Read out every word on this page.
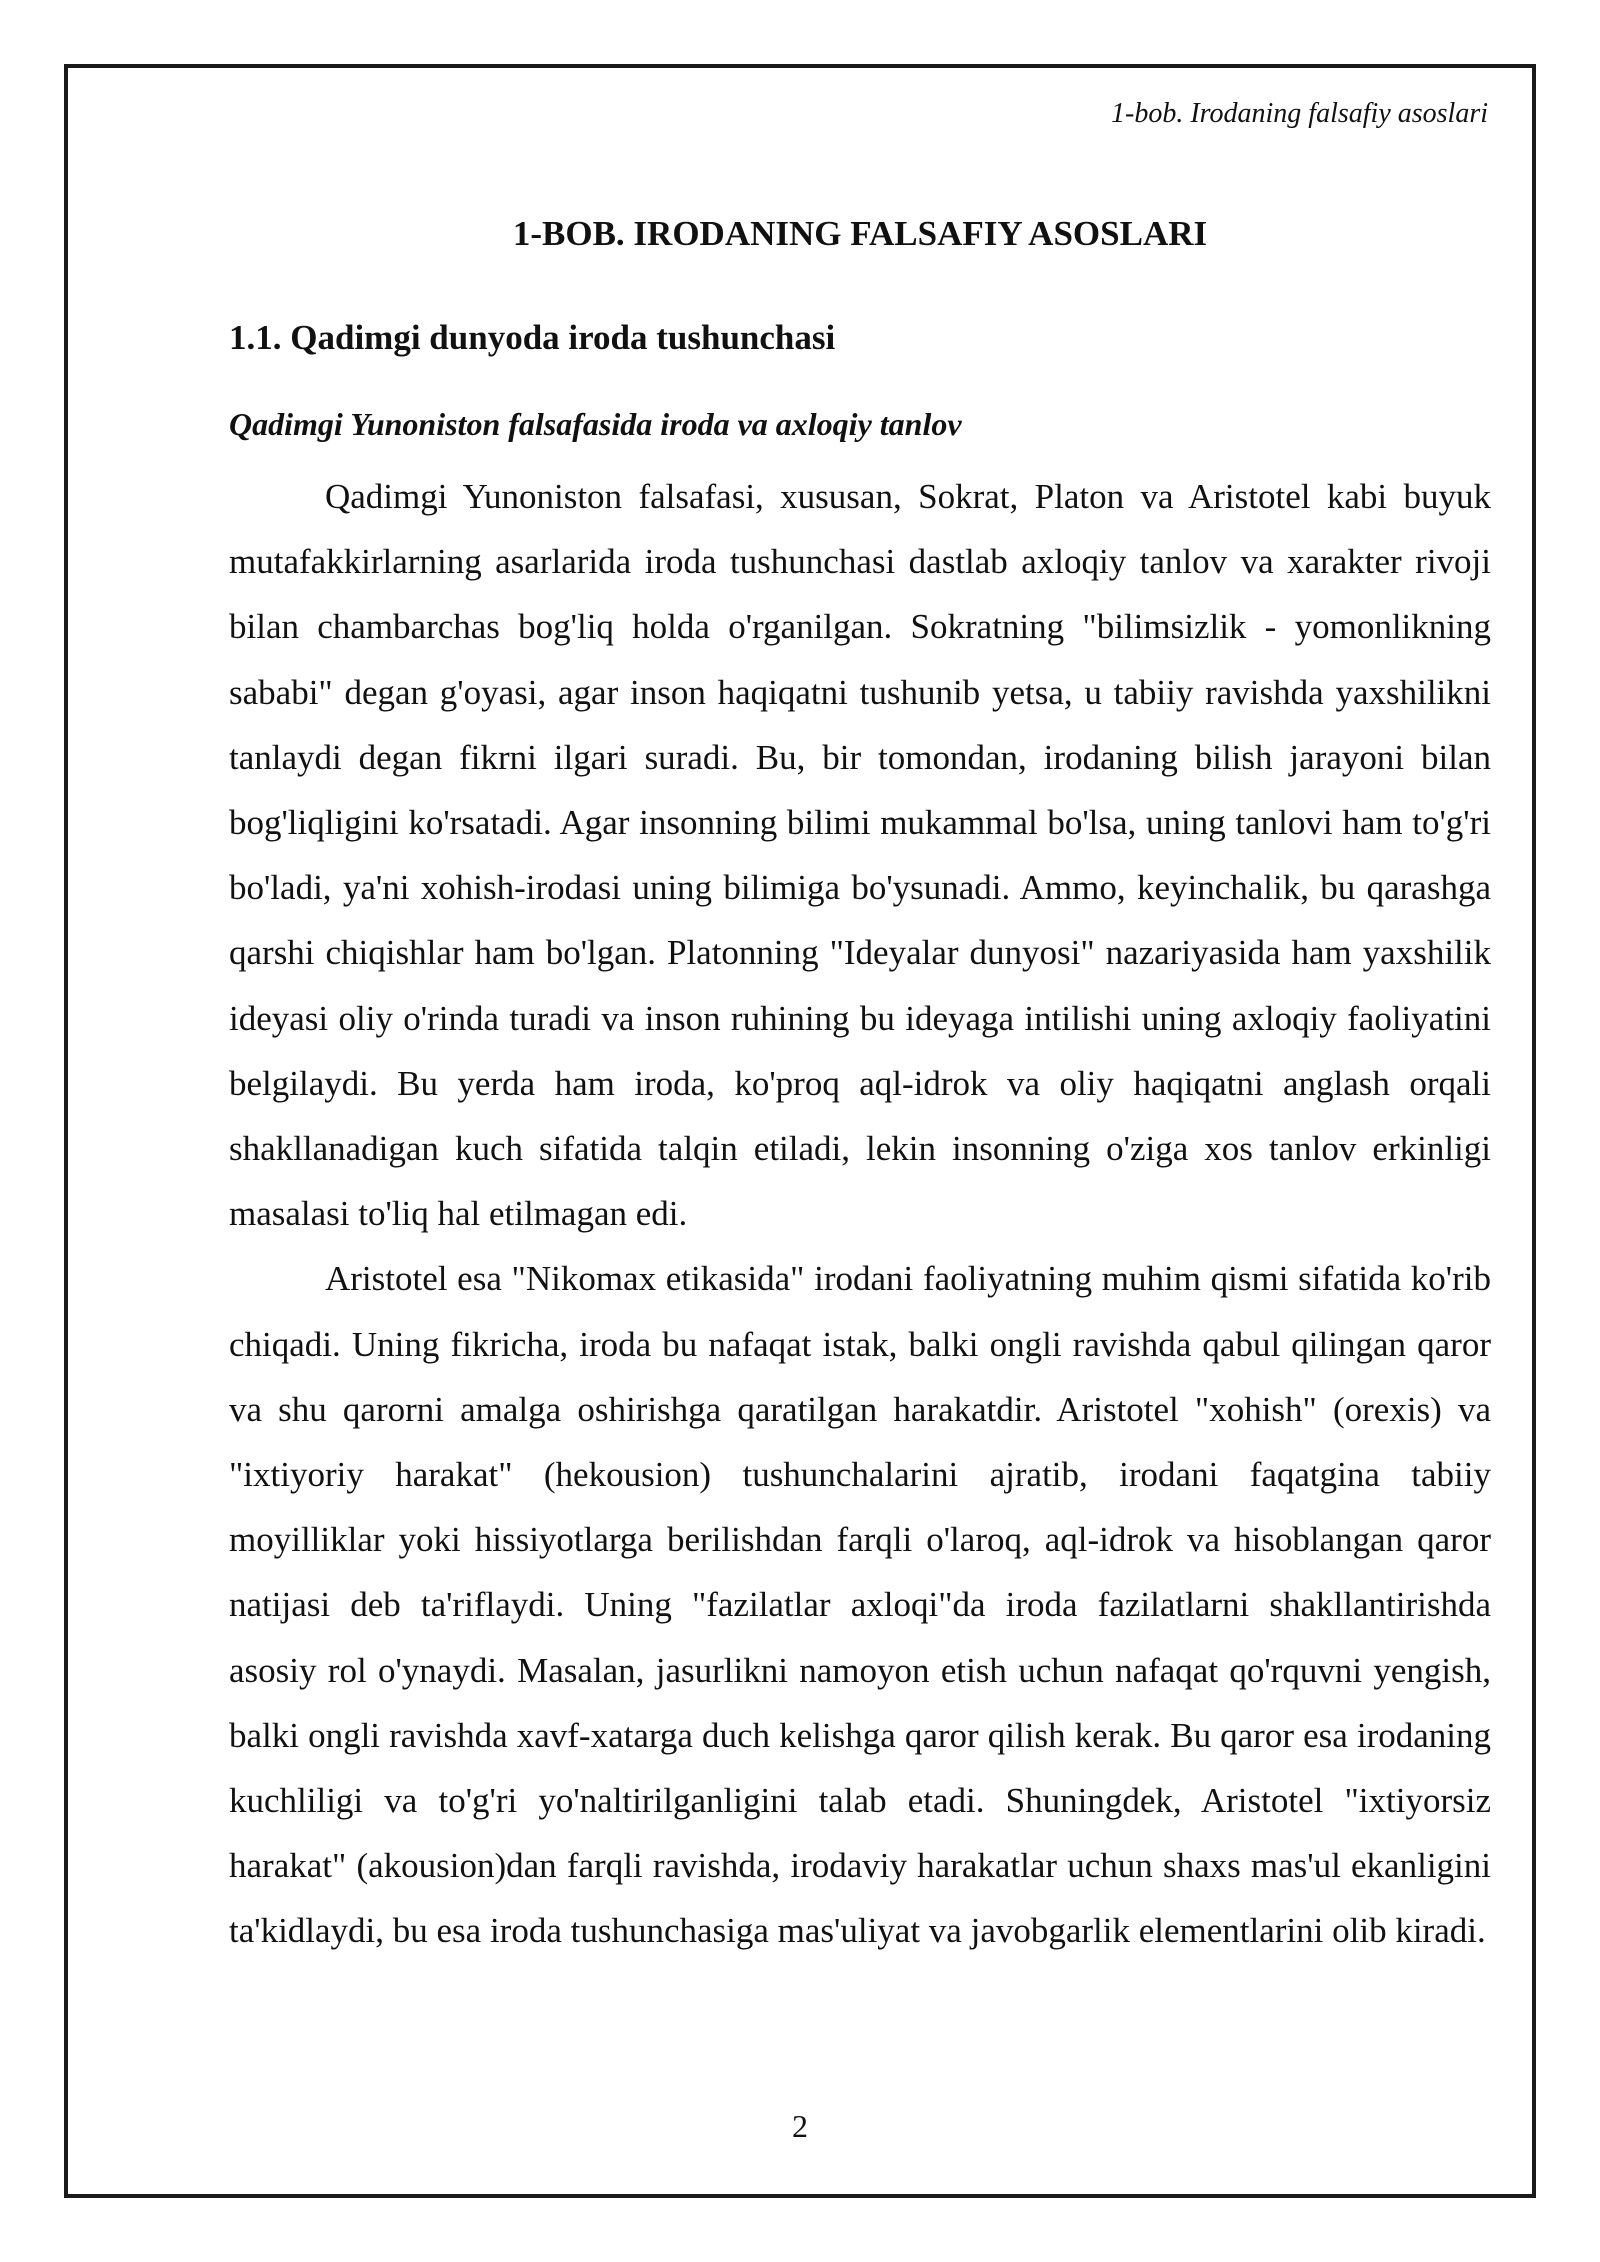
1-bob. Irodaning falsafiy asoslari
1-BOB. IRODANING FALSAFIY ASOSLARI
1.1. Qadimgi dunyoda iroda tushunchasi
Qadimgi Yunoniston falsafasida iroda va axloqiy tanlov

Qadimgi Yunoniston falsafasi, xususan, Sokrat, Platon va Aristotel kabi buyuk mutafakkirlarning asarlarida iroda tushunchasi dastlab axloqiy tanlov va xarakter rivoji bilan chambarchas bog'liq holda o'rganilgan. Sokratning "bilimsizlik - yomonlikning sababi" degan g'oyasi, agar inson haqiqatni tushunib yetsa, u tabiiy ravishda yaxshilikni tanlaydi degan fikrni ilgari suradi. Bu, bir tomondan, irodaning bilish jarayoni bilan bog'liqligini ko'rsatadi. Agar insonning bilimi mukammal bo'lsa, uning tanlovi ham to'g'ri bo'ladi, ya'ni xohish-irodasi uning bilimiga bo'ysunadi. Ammo, keyinchalik, bu qarashga qarshi chiqishlar ham bo'lgan. Platonning "Ideyalar dunyosi" nazariyasida ham yaxshilik ideyasi oliy o'rinda turadi va inson ruhining bu ideyaga intilishi uning axloqiy faoliyatini belgilaydi. Bu yerda ham iroda, ko'proq aql-idrok va oliy haqiqatni anglash orqali shakllanadigan kuch sifatida talqin etiladi, lekin insonning o'ziga xos tanlov erkinligi masalasi to'liq hal etilmagan edi.

Aristotel esa "Nikomax etikasida" irodani faoliyatning muhim qismi sifatida ko'rib chiqadi. Uning fikricha, iroda bu nafaqat istak, balki ongli ravishda qabul qilingan qaror va shu qarorni amalga oshirishga qaratilgan harakatdir. Aristotel "xohish" (orexis) va "ixtiyoriy harakat" (hekousion) tushunchalarini ajratib, irodani faqatgina tabiiy moyilliklar yoki hissiyotlarga berilishdan farqli o'laroq, aql-idrok va hisoblangan qaror natijasi deb ta'riflaydi. Uning "fazilatlar axloqi"da iroda fazilatlarni shakllantirishda asosiy rol o'ynaydi. Masalan, jasurlikni namoyon etish uchun nafaqat qo'rquvni yengish, balki ongli ravishda xavf-xatarga duch kelishga qaror qilish kerak. Bu qaror esa irodaning kuchliligi va to'g'ri yo'naltirilganligini talab etadi. Shuningdek, Aristotel "ixtiyorsiz harakat" (akousion)dan farqli ravishda, irodaviy harakatlar uchun shaxs mas'ul ekanligini ta'kidlaydi, bu esa iroda tushunchasiga mas'uliyat va javobgarlik elementlarini olib kiradi.

2
